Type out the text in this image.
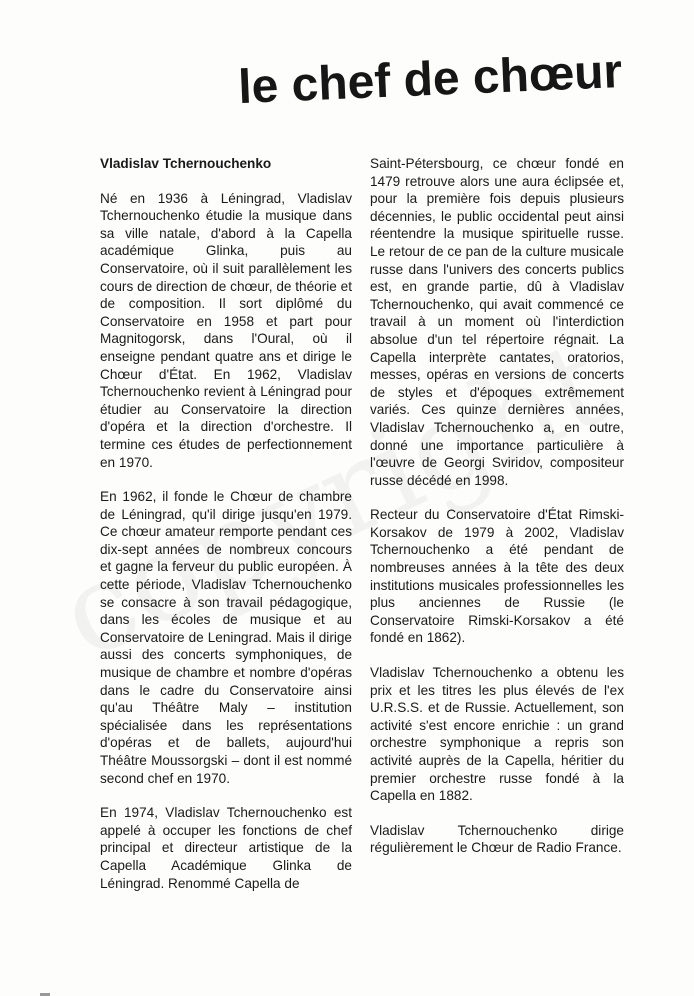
le chef de chœur
Vladislav Tchernouchenko

Né en 1936 à Léningrad, Vladislav Tchernouchenko étudie la musique dans sa ville natale, d'abord à la Capella académique Glinka, puis au Conservatoire, où il suit parallèlement les cours de direction de chœur, de théorie et de composition. Il sort diplômé du Conservatoire en 1958 et part pour Magnitogorsk, dans l'Oural, où il enseigne pendant quatre ans et dirige le Chœur d'État. En 1962, Vladislav Tchernouchenko revient à Léningrad pour étudier au Conservatoire la direction d'opéra et la direction d'orchestre. Il termine ces études de perfectionnement en 1970.

En 1962, il fonde le Chœur de chambre de Léningrad, qu'il dirige jusqu'en 1979. Ce chœur amateur remporte pendant ces dix-sept années de nombreux concours et gagne la ferveur du public européen. À cette période, Vladislav Tchernouchenko se consacre à son travail pédagogique, dans les écoles de musique et au Conservatoire de Leningrad. Mais il dirige aussi des concerts symphoniques, de musique de chambre et nombre d'opéras dans le cadre du Conservatoire ainsi qu'au Théâtre Maly – institution spécialisée dans les représentations d'opéras et de ballets, aujourd'hui Théâtre Moussorgski – dont il est nommé second chef en 1970.

En 1974, Vladislav Tchernouchenko est appelé à occuper les fonctions de chef principal et directeur artistique de la Capella Académique Glinka de Léningrad. Renommé Capella de

Saint-Pétersbourg, ce chœur fondé en 1479 retrouve alors une aura éclipsée et, pour la première fois depuis plusieurs décennies, le public occidental peut ainsi réentendre la musique spirituelle russe. Le retour de ce pan de la culture musicale russe dans l'univers des concerts publics est, en grande partie, dû à Vladislav Tchernouchenko, qui avait commencé ce travail à un moment où l'interdiction absolue d'un tel répertoire régnait. La Capella interprète cantates, oratorios, messes, opéras en versions de concerts de styles et d'époques extrêmement variés. Ces quinze dernières années, Vladislav Tchernouchenko a, en outre, donné une importance particulière à l'œuvre de Georgi Sviridov, compositeur russe décédé en 1998.

Recteur du Conservatoire d'État Rimski-Korsakov de 1979 à 2002, Vladislav Tchernouchenko a été pendant de nombreuses années à la tête des deux institutions musicales professionnelles les plus anciennes de Russie (le Conservatoire Rimski-Korsakov a été fondé en 1862).

Vladislav Tchernouchenko a obtenu les prix et les titres les plus élevés de l'ex U.R.S.S. et de Russie. Actuellement, son activité s'est encore enrichie : un grand orchestre symphonique a repris son activité auprès de la Capella, héritier du premier orchestre russe fondé à la Capella en 1882.

Vladislav Tchernouchenko dirige régulièrement le Chœur de Radio France.
